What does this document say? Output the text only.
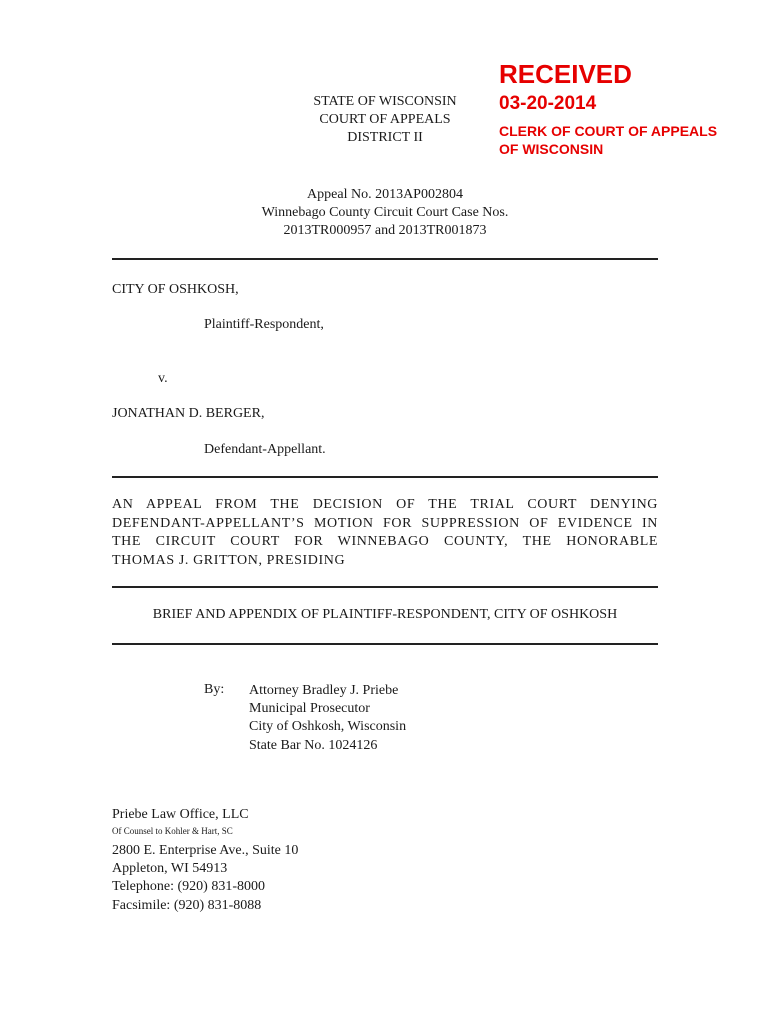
RECEIVED
03-20-2014
CLERK OF COURT OF APPEALS
OF WISCONSIN
STATE OF WISCONSIN
COURT OF APPEALS
DISTRICT II
Appeal No. 2013AP002804
Winnebago County Circuit Court Case Nos.
2013TR000957 and 2013TR001873
CITY OF OSHKOSH,
Plaintiff-Respondent,
v.
JONATHAN D. BERGER,
Defendant-Appellant.
AN APPEAL FROM THE DECISION OF THE TRIAL COURT DENYING
DEFENDANT-APPELLANT’S MOTION FOR SUPPRESSION OF EVIDENCE IN
THE CIRCUIT COURT FOR WINNEBAGO COUNTY, THE HONORABLE
THOMAS J. GRITTON, PRESIDING
BRIEF AND APPENDIX OF PLAINTIFF-RESPONDENT, CITY OF OSHKOSH
By: Attorney Bradley J. Priebe
Municipal Prosecutor
City of Oshkosh, Wisconsin
State Bar No. 1024126
Priebe Law Office, LLC
Of Counsel to Kohler & Hart, SC
2800 E. Enterprise Ave., Suite 10
Appleton, WI 54913
Telephone: (920) 831-8000
Facsimile: (920) 831-8088
